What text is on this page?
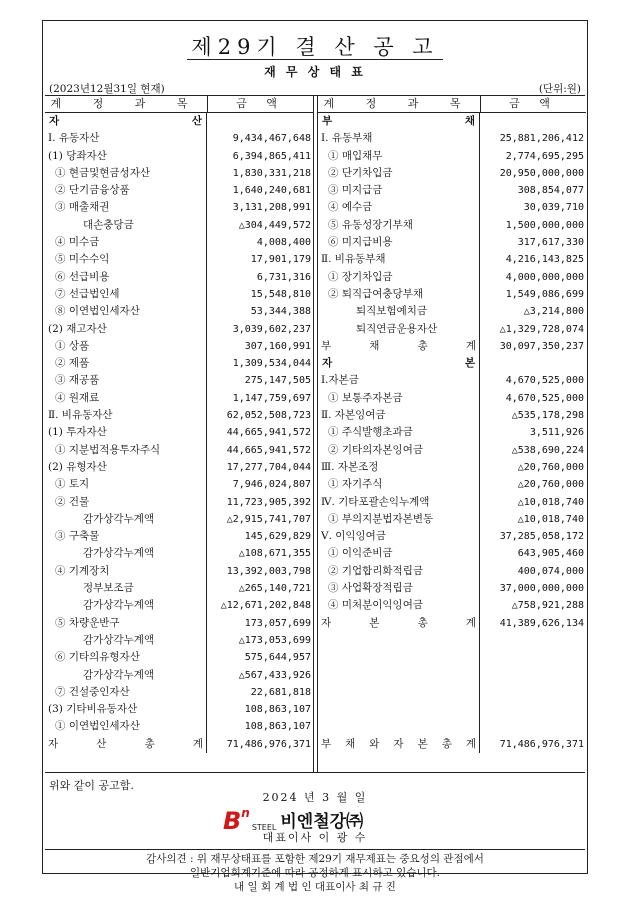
제29기 결 산 공 고
재 무 상 태 표
(2023년12월31일 현재)	(단위:원)
계 정 과 목	금 액
자	산
Ⅰ. 유동자산	9,434,467,648
(1) 당좌자산	6,394,865,411
① 현금및현금성자산	1,830,331,218
② 단기금융상품	1,640,240,681
③ 매출채권	3,131,208,991
대손충당금	△304,449,572
④ 미수금	4,008,400
⑤ 미수수익	17,901,179
⑥ 선급비용	6,731,316
⑦ 선급법인세	15,548,810
⑧ 이연법인세자산	53,344,388
(2) 재고자산	3,039,602,237
① 상품	307,160,991
② 제품	1,309,534,044
③ 재공품	275,147,505
④ 원재료	1,147,759,697
Ⅱ. 비유동자산	62,052,508,723
(1) 투자자산	44,665,941,572
① 지분법적용투자주식	44,665,941,572
(2) 유형자산	17,277,704,044
① 토지	7,946,024,807
② 건물	11,723,905,392
감가상각누계액	△2,915,741,707
③ 구축물	145,629,829
감가상각누계액	△108,671,355
④ 기계장치	13,392,003,798
정부보조금	△265,140,721
감가상각누계액	△12,671,202,848
⑤ 차량운반구	173,057,699
감가상각누계액	△173,053,699
⑥ 기타의유형자산	575,644,957
감가상각누계액	△567,433,926
⑦ 건설중인자산	22,681,818
(3) 기타비유동자산	108,863,107
① 이연법인세자산	108,863,107
자	산	총	계	71,486,976,371
계 정 과 목	금 액
부	채
Ⅰ. 유동부채	25,881,206,412
① 매입채무	2,774,695,295
② 단기차입금	20,950,000,000
③ 미지급금	308,854,077
④ 예수금	30,039,710
⑤ 유동성장기부채	1,500,000,000
⑥ 미지급비용	317,617,330
Ⅱ. 비유동부채	4,216,143,825
① 장기차입금	4,000,000,000
② 퇴직급여충당부채	1,549,086,699
퇴직보험예치금	△3,214,800
퇴직연금운용자산	△1,329,728,074
부	채	총	계	30,097,350,237
자	본
Ⅰ.자본금	4,670,525,000
① 보통주자본금	4,670,525,000
Ⅱ. 자본잉여금	△535,178,298
① 주식발행초과금	3,511,926
② 기타의자본잉여금	△538,690,224
Ⅲ. 자본조정	△20,760,000
① 자기주식	△20,760,000
Ⅳ. 기타포괄손익누계액	△10,018,740
① 부의지분법자본변동	△10,018,740
Ⅴ. 이익잉여금	37,285,058,172
① 이익준비금	643,905,460
② 기업합리화적립금	400,074,000
③ 사업확장적립금	37,000,000,000
④ 미처분이익잉여금	△758,921,288
자	본	총	계	41,389,626,134
부 채 와 자 본 총 계	71,486,976,371
위와 같이 공고함.
2024 년 3 월 일
B n
STEEL 비엔철강㈜
대표이사 이 광 수
감사의견 : 위 재무상태표를 포함한 제29기 재무제표는 중요성의 관점에서
일반기업회계기준에 따라 공정하게 표시하고 있습니다.
내 일 회 계 법 인 대표이사 최 규 진
